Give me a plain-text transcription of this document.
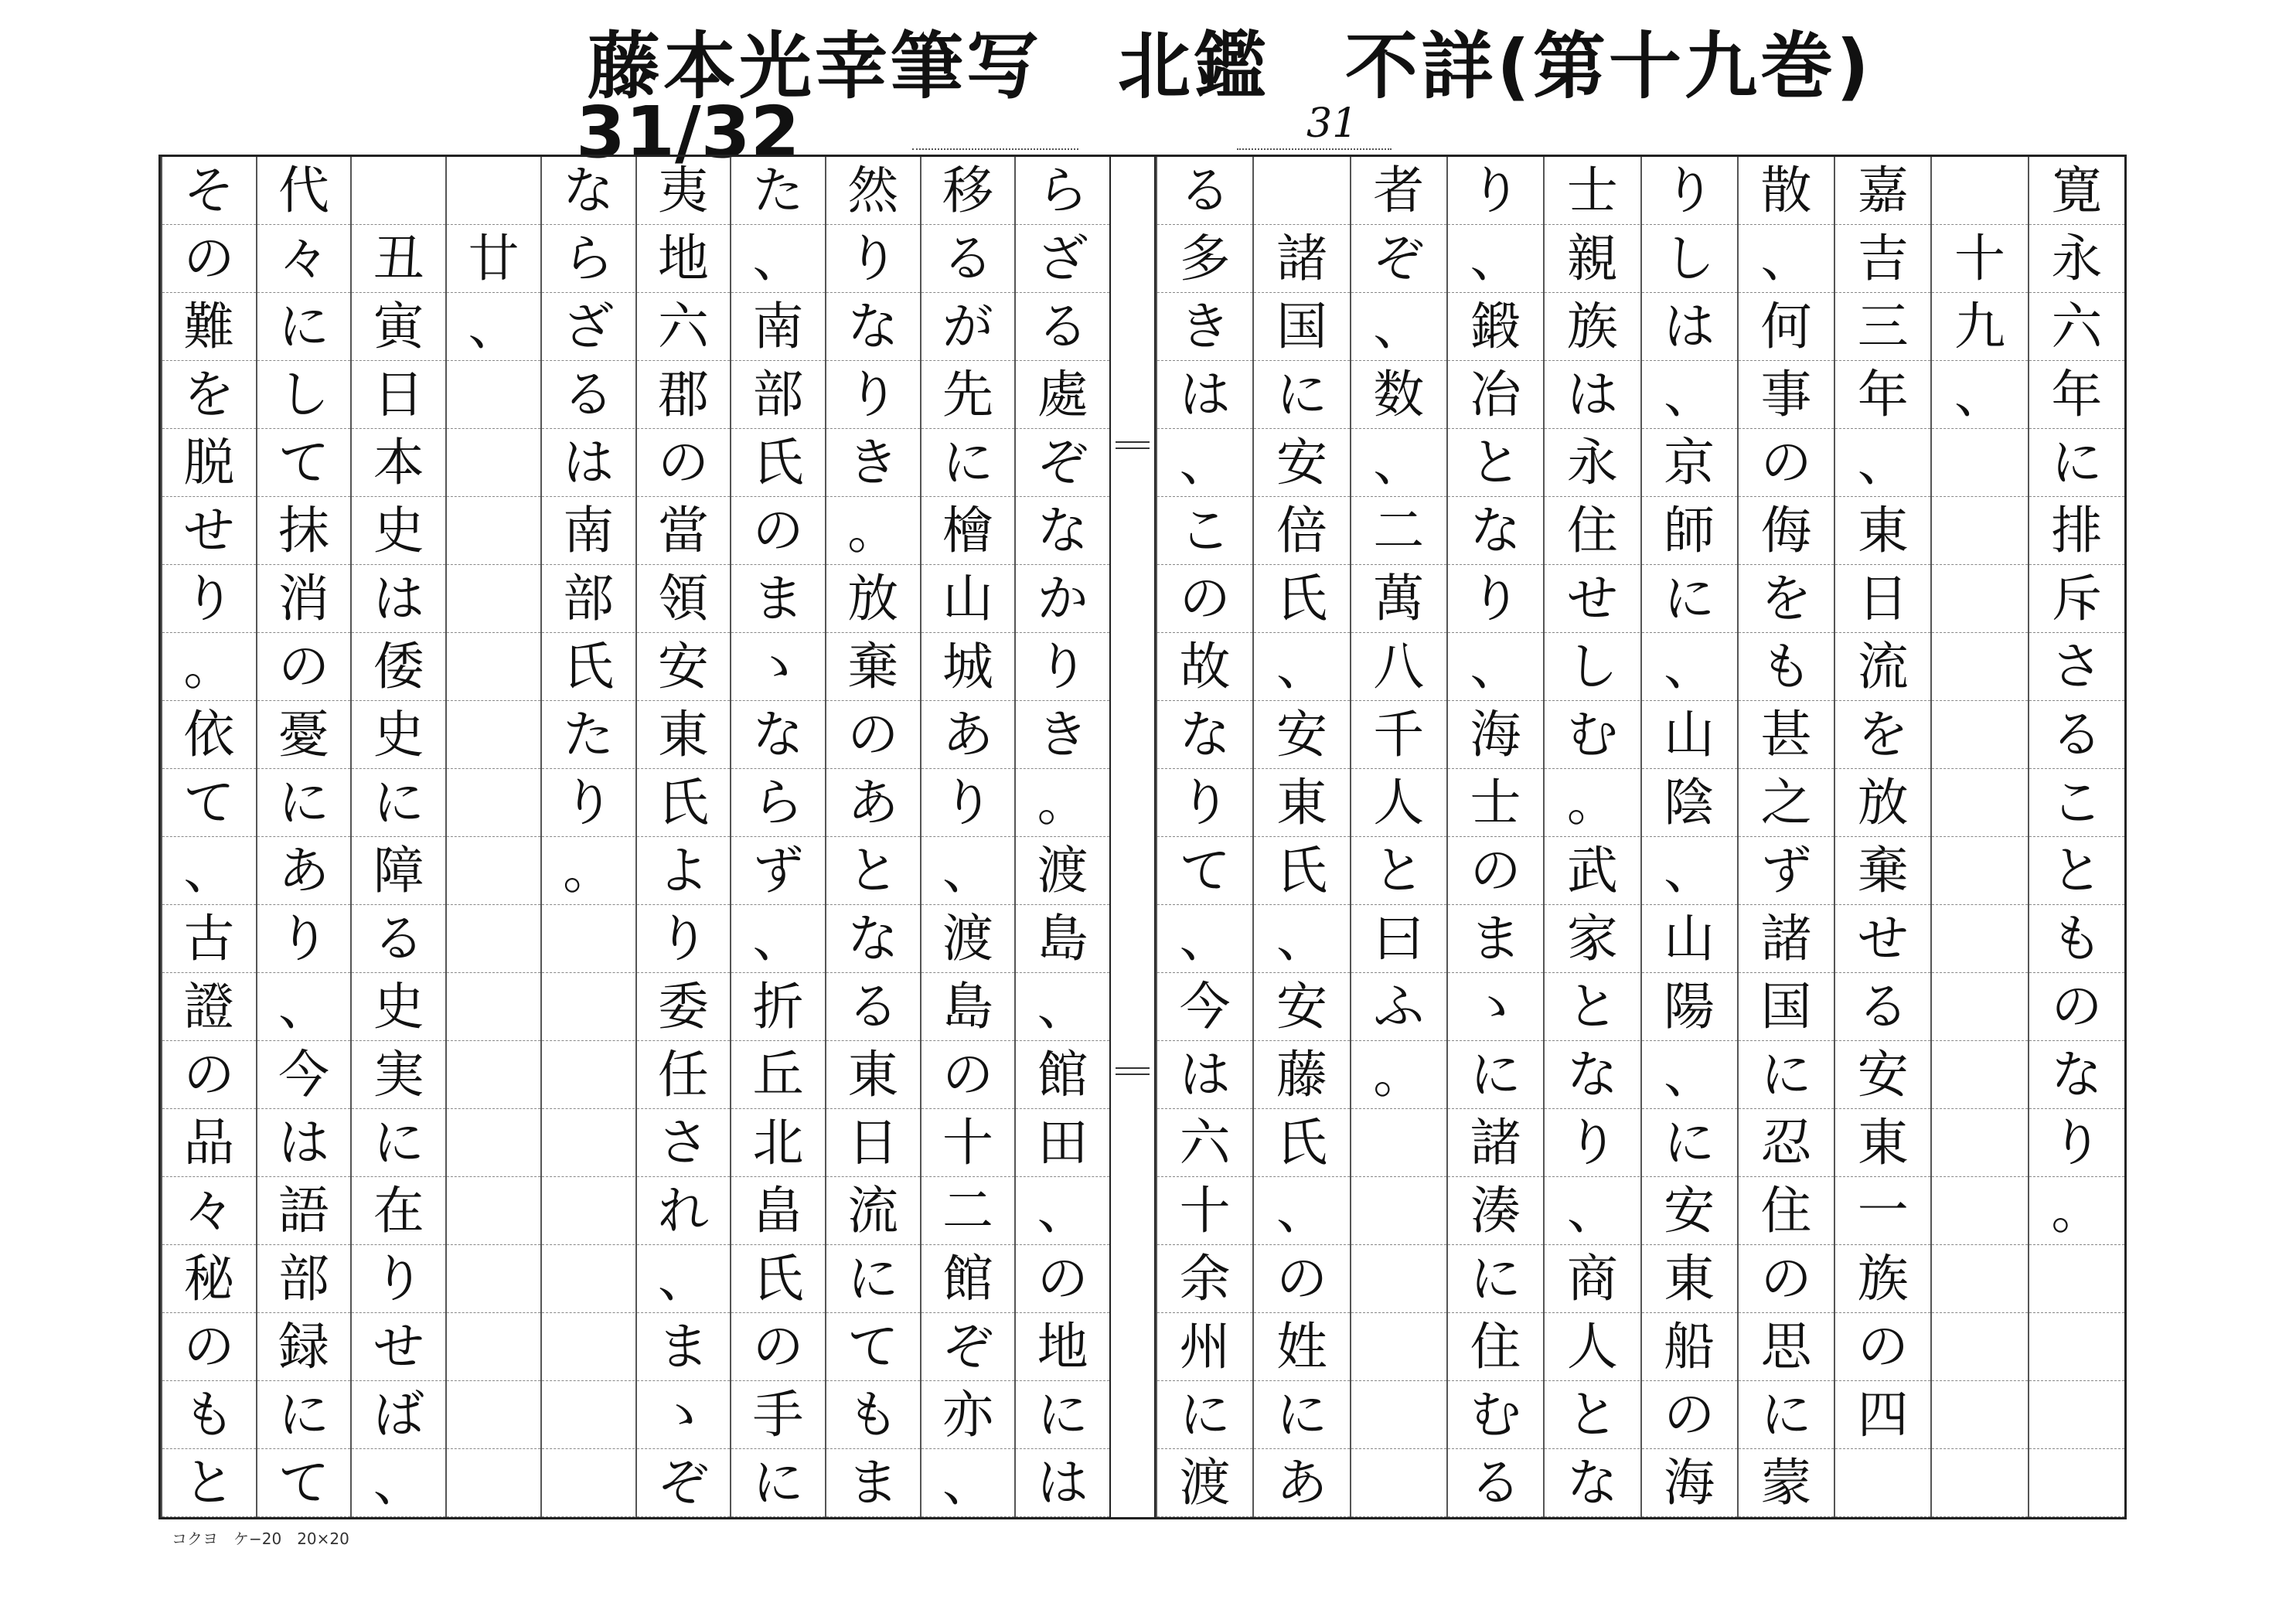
藤本光幸筆写　北鑑　不詳(第十九巻)
31/32	31
寛
永
六
年
に
排
斥
さ
る
こ
と
も
の
な
り
。

十
九
、
嘉
吉
三
年
、
東
日
流
を
放
棄
せ
る
安
東
一
族
の
四
散
、
何
事
の
侮
を
も
甚
之
ず
諸
国
に
忍
住
の
思
に
蒙
り
し
は
、
京
師
に
、
山
陰
、
山
陽
、
に
安
東
船
の
海
士
親
族
は
永
住
せ
し
む
。
武
家
と
な
り
、
商
人
と
な
り
、
鍛
冶
と
な
り
、
海
士
の
ま
ゝ
に
諸
湊
に
住
む
る
者
ぞ
、
数
、
二
萬
八
千
人
と
曰
ふ
。

諸
国
に
安
倍
氏
、
安
東
氏
、
安
藤
氏
、
の
姓
に
あ
る
多
き
は
、
こ
の
故
な
り
て
、
今
は
六
十
余
州
に
渡
ら
ざ
る
處
ぞ
な
か
り
き
。
渡
島
、
館
田
、
の
地
に
は
移
る
が
先
に
檜
山
城
あ
り
、
渡
島
の
十
二
館
ぞ
亦
、
然
り
な
り
き
。
放
棄
の
あ
と
な
る
東
日
流
に
て
も
ま
た
、
南
部
氏
の
ま
ゝ
な
ら
ず
、
折
丘
北
畠
氏
の
手
に
夷
地
六
郡
の
當
領
安
東
氏
よ
り
委
任
さ
れ
、
ま
ゝ
ぞ
な
ら
ざ
る
は
南
部
氏
た
り
。

廿
、

丑
寅
日
本
史
は
倭
史
に
障
る
史
実
に
在
り
せ
ば
、
代
々
に
し
て
抹
消
の
憂
に
あ
り
、
今
は
語
部
録
に
て
そ
の
難
を
脱
せ
り
。
依
て
、
古
證
の
品
々
秘
の
も
と
コクヨ　ケ−20　20×20
